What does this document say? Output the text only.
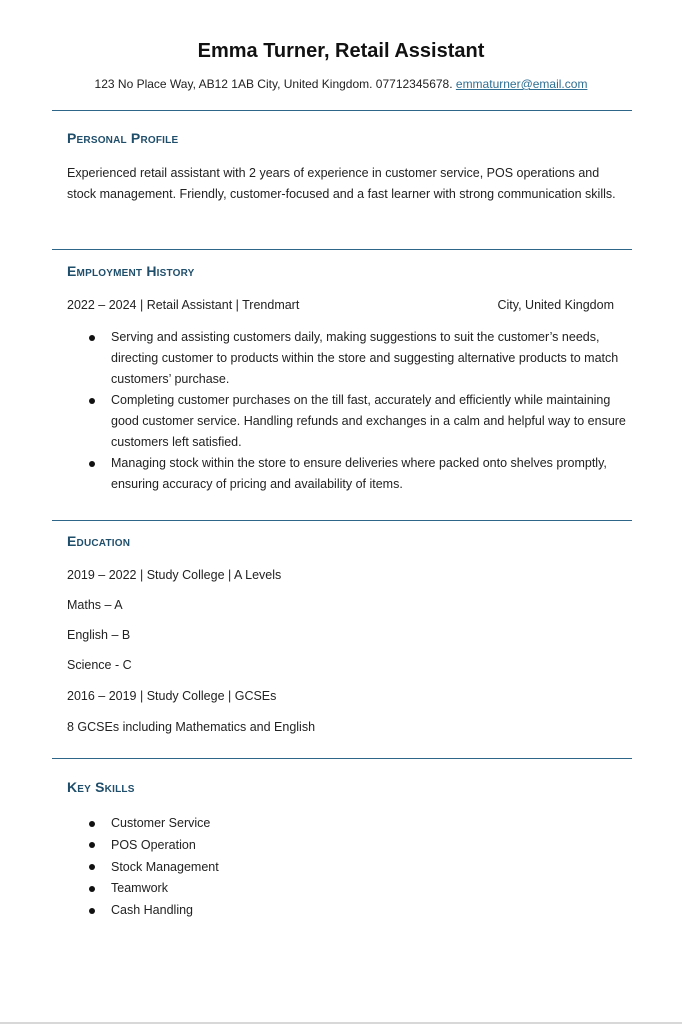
Emma Turner, Retail Assistant

123 No Place Way, AB12 1AB City, United Kingdom. 07712345678. emmaturner@email.com

Personal Profile

Experienced retail assistant with 2 years of experience in customer service, POS operations and stock management. Friendly, customer-focused and a fast learner with strong communication skills.

Employment History

2022 – 2024 | Retail Assistant | Trendmart	City, United Kingdom

Serving and assisting customers daily, making suggestions to suit the customer’s needs, directing customer to products within the store and suggesting alternative products to match customers’ purchase.
Completing customer purchases on the till fast, accurately and efficiently while maintaining good customer service. Handling refunds and exchanges in a calm and helpful way to ensure customers left satisfied.
Managing stock within the store to ensure deliveries where packed onto shelves promptly, ensuring accuracy of pricing and availability of items.
Education

2019 – 2022 | Study College | A Levels

Maths – A

English – B

Science - C

2016 – 2019 | Study College | GCSEs

8 GCSEs including Mathematics and English

Key Skills
Customer Service
POS Operation
Stock Management
Teamwork
Cash Handling
